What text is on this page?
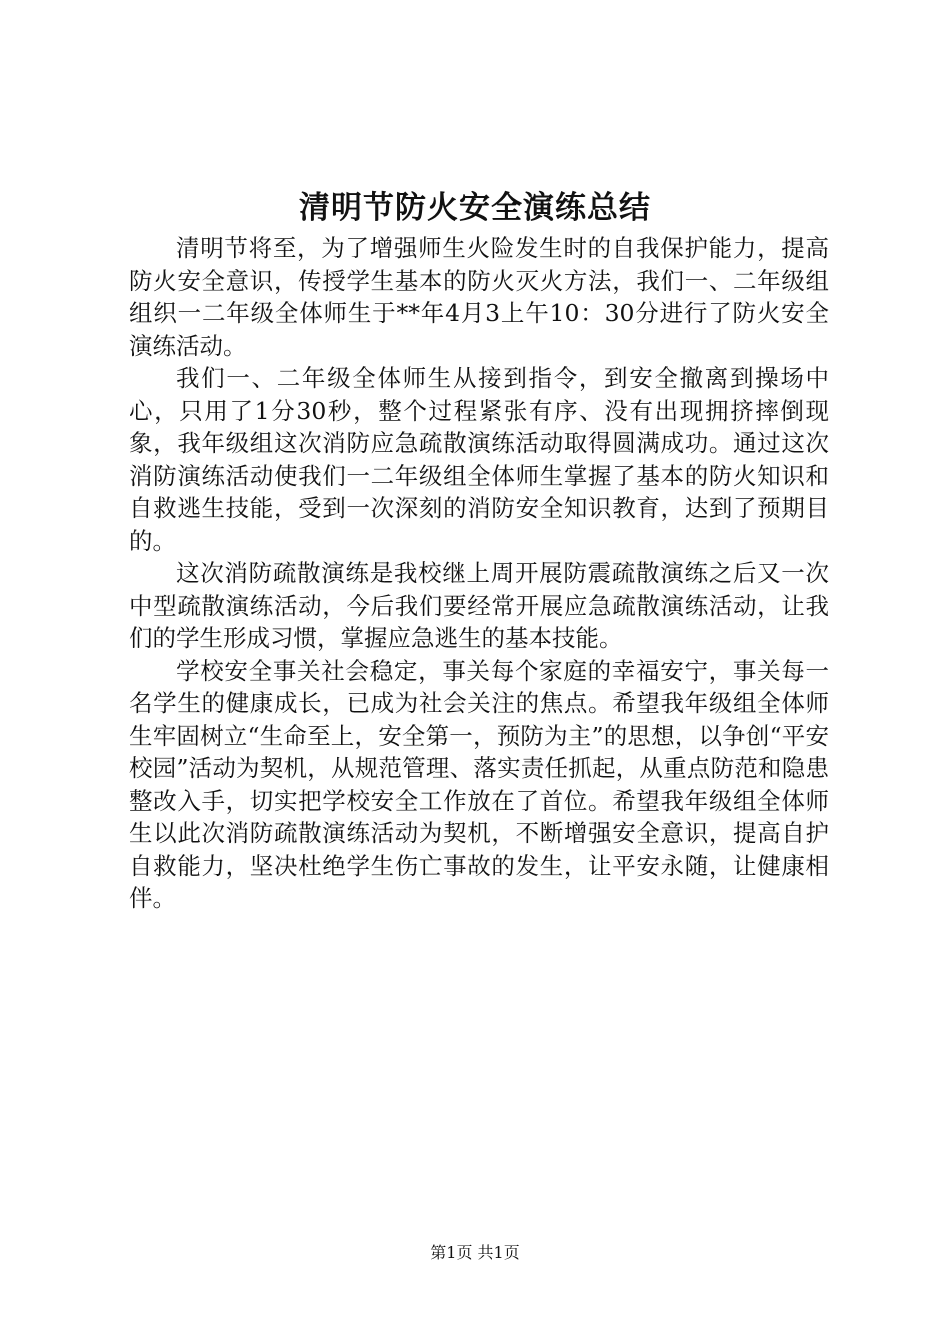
清明节防火安全演练总结

清明节将至，为了增强师生火险发生时的自我保护能力，提高防火安全意识，传授学生基本的防火灭火方法，我们一、二年级组组织一二年级全体师生于**年4月3上午10：30分进行了防火安全演练活动。

我们一、二年级全体师生从接到指令，到安全撤离到操场中心，只用了1分30秒，整个过程紧张有序、没有出现拥挤摔倒现象，我年级组这次消防应急疏散演练活动取得圆满成功。通过这次消防演练活动使我们一二年级组全体师生掌握了基本的防火知识和自救逃生技能，受到一次深刻的消防安全知识教育，达到了预期目的。

这次消防疏散演练是我校继上周开展防震疏散演练之后又一次中型疏散演练活动，今后我们要经常开展应急疏散演练活动，让我们的学生形成习惯，掌握应急逃生的基本技能。

学校安全事关社会稳定，事关每个家庭的幸福安宁，事关每一名学生的健康成长，已成为社会关注的焦点。希望我年级组全体师生牢固树立“生命至上，安全第一，预防为主”的思想，以争创“平安校园”活动为契机，从规范管理、落实责任抓起，从重点防范和隐患整改入手，切实把学校安全工作放在了首位。希望我年级组全体师生以此次消防疏散演练活动为契机，不断增强安全意识，提高自护自救能力，坚决杜绝学生伤亡事故的发生，让平安永随，让健康相伴。

第1页 共1页
